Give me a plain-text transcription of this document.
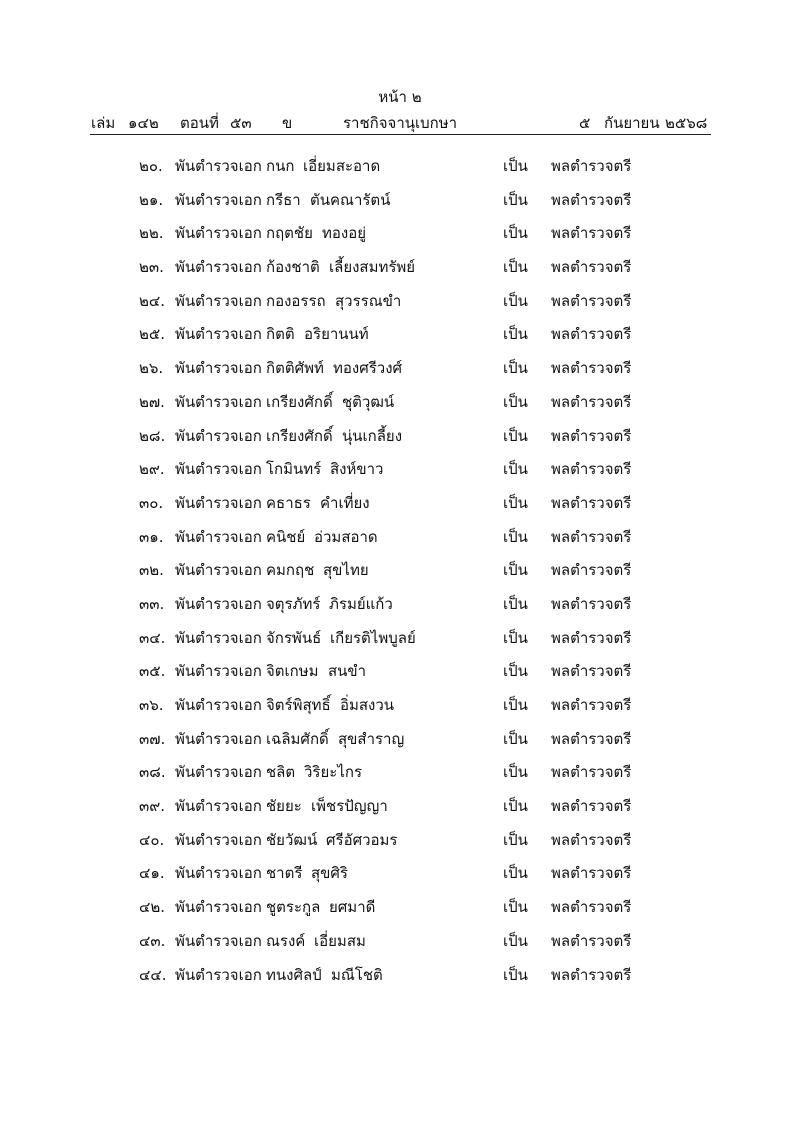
หน้า ๒
เล่ม ๑๔๒ ตอนที่ ๕๓ ข	ราชกิจจานุเบกษา	๕ กันยายน ๒๕๖๘
๒๐. พันตำรวจเอก กนก เอี่ยมสะอาด	เป็น พลตำรวจตรี
๒๑. พันตำรวจเอก กรีธา ตันคณารัตน์	เป็น พลตำรวจตรี
๒๒. พันตำรวจเอก กฤตชัย ทองอยู่	เป็น พลตำรวจตรี
๒๓. พันตำรวจเอก ก้องชาติ เลี้ยงสมทรัพย์	เป็น พลตำรวจตรี
๒๔. พันตำรวจเอก กองอรรถ สุวรรณขำ	เป็น พลตำรวจตรี
๒๕. พันตำรวจเอก กิตติ อริยานนท์	เป็น พลตำรวจตรี
๒๖. พันตำรวจเอก กิตติศัพท์ ทองศรีวงศ์	เป็น พลตำรวจตรี
๒๗. พันตำรวจเอก เกรียงศักดิ์ ชุติวุฒน์	เป็น พลตำรวจตรี
๒๘. พันตำรวจเอก เกรียงศักดิ์ นุ่นเกลี้ยง	เป็น พลตำรวจตรี
๒๙. พันตำรวจเอก โกมินทร์ สิงห์ขาว	เป็น พลตำรวจตรี
๓๐. พันตำรวจเอก คธาธร คำเที่ยง	เป็น พลตำรวจตรี
๓๑. พันตำรวจเอก คนิชย์ อ่วมสอาด	เป็น พลตำรวจตรี
๓๒. พันตำรวจเอก คมกฤช สุขไทย	เป็น พลตำรวจตรี
๓๓. พันตำรวจเอก จตุรภัทร์ ภิรมย์แก้ว	เป็น พลตำรวจตรี
๓๔. พันตำรวจเอก จักรพันธ์ เกียรติไพบูลย์	เป็น พลตำรวจตรี
๓๕. พันตำรวจเอก จิตเกษม สนขำ	เป็น พลตำรวจตรี
๓๖. พันตำรวจเอก จิตร์พิสุทธิ์ อิ่มสงวน	เป็น พลตำรวจตรี
๓๗. พันตำรวจเอก เฉลิมศักดิ์ สุขสำราญ	เป็น พลตำรวจตรี
๓๘. พันตำรวจเอก ชลิต วิริยะไกร	เป็น พลตำรวจตรี
๓๙. พันตำรวจเอก ชัยยะ เพ็ชรปัญญา	เป็น พลตำรวจตรี
๔๐. พันตำรวจเอก ชัยวัฒน์ ศรีอัศวอมร	เป็น พลตำรวจตรี
๔๑. พันตำรวจเอก ชาตรี สุขศิริ	เป็น พลตำรวจตรี
๔๒. พันตำรวจเอก ชูตระกูล ยศมาดี	เป็น พลตำรวจตรี
๔๓. พันตำรวจเอก ณรงค์ เอี่ยมสม	เป็น พลตำรวจตรี
๔๔. พันตำรวจเอก ทนงศิลป์ มณีโชติ	เป็น พลตำรวจตรี
